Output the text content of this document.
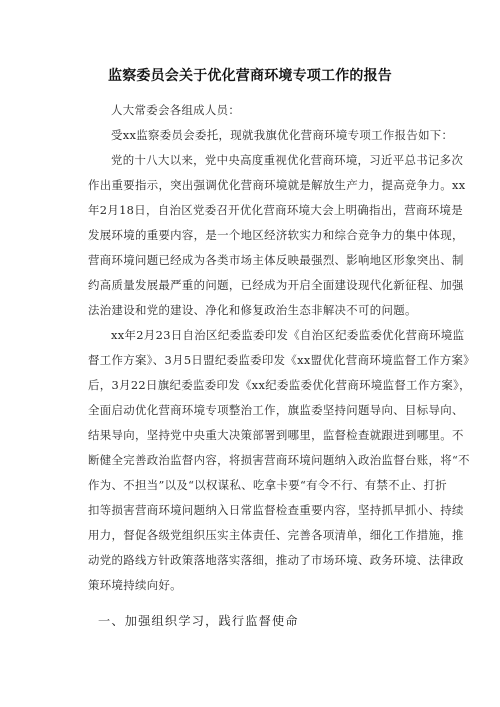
监察委员会关于优化营商环境专项工作的报告
人大常委会各组成人员：
受xx监察委员会委托，现就我旗优化营商环境专项工作报告如下：
党的十八大以来，党中央高度重视优化营商环境，习近平总书记多次
作出重要指示，突出强调优化营商环境就是解放生产力，提高竞争力。xx
年2月18日，自治区党委召开优化营商环境大会上明确指出，营商环境是
发展环境的重要内容，是一个地区经济软实力和综合竞争力的集中体现，
营商环境问题已经成为各类市场主体反映最强烈、影响地区形象突出、制
约高质量发展最严重的问题，已经成为开启全面建设现代化新征程、加强
法治建设和党的建设、净化和修复政治生态非解决不可的问题。
xx年2月23日自治区纪委监委印发《自治区纪委监委优化营商环境监
督工作方案》、3月5日盟纪委监委印发《xx盟优化营商环境监督工作方案》
后，3月22日旗纪委监委印发《xx纪委监委优化营商环境监督工作方案》，
全面启动优化营商环境专项整治工作，旗监委坚持问题导向、目标导向、
结果导向，坚持党中央重大决策部署到哪里，监督检查就跟进到哪里。不
断健全完善政治监督内容，将损害营商环境问题纳入政治监督台账，将“不
作为、不担当”以及“以权谋私、吃拿卡要“有令不行、有禁不止、打折
扣等损害营商环境问题纳入日常监督检查重要内容，坚持抓早抓小、持续
用力，督促各级党组织压实主体责任、完善各项清单，细化工作措施，推
动党的路线方针政策落地落实落细，推动了市场环境、政务环境、法律政
策环境持续向好。
一、加强组织学习，践行监督使命
